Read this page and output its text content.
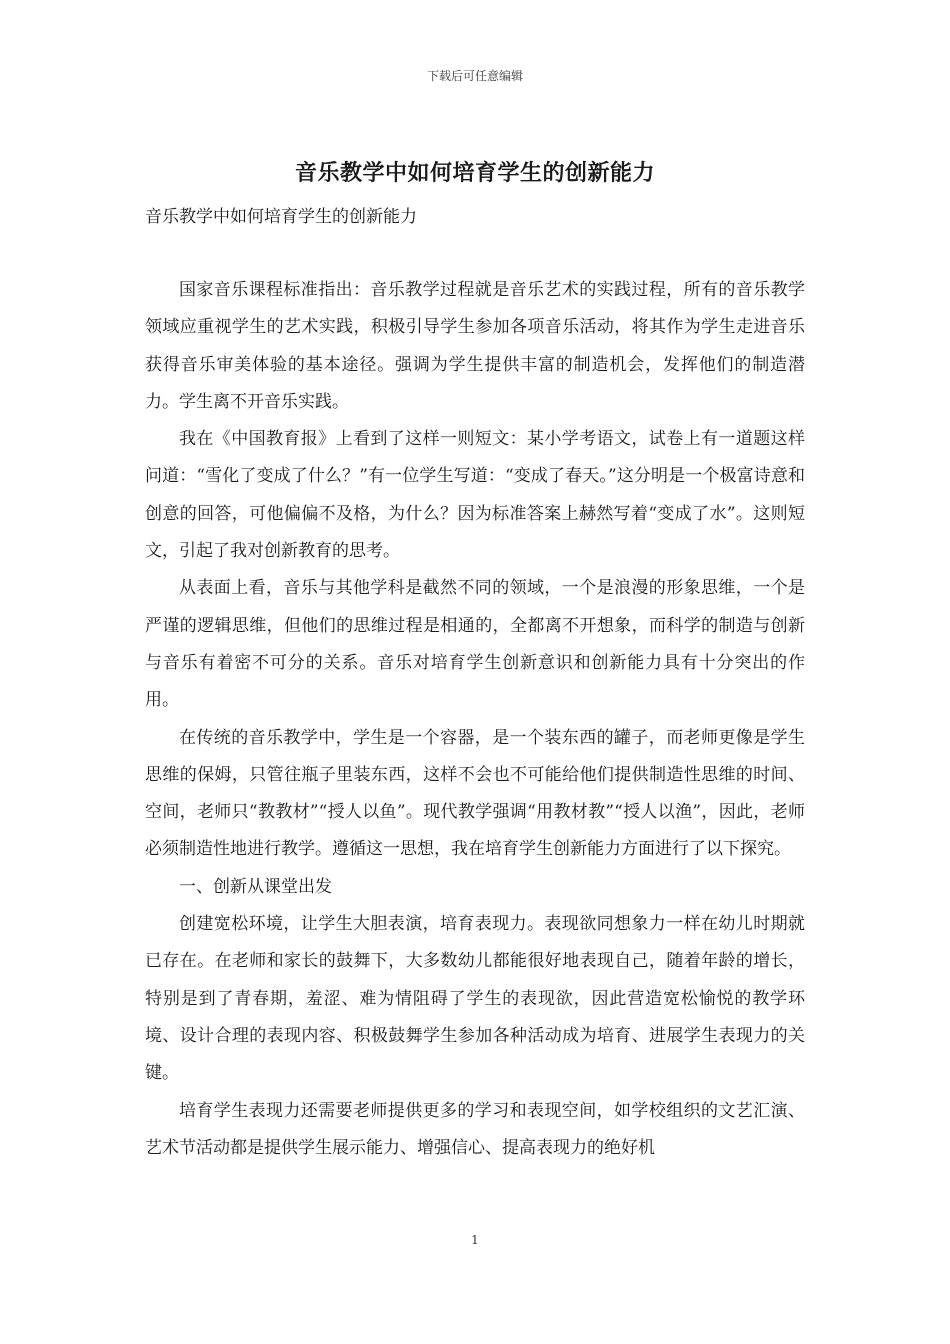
下载后可任意编辑
音乐教学中如何培育学生的创新能力
音乐教学中如何培育学生的创新能力

国家音乐课程标准指出：音乐教学过程就是音乐艺术的实践过程，所有的音乐教学领域应重视学生的艺术实践，积极引导学生参加各项音乐活动，将其作为学生走进音乐获得音乐审美体验的基本途径。强调为学生提供丰富的制造机会，发挥他们的制造潜力。学生离不开音乐实践。

我在《中国教育报》上看到了这样一则短文：某小学考语文，试卷上有一道题这样问道：“雪化了变成了什么？”有一位学生写道：“变成了春天。”这分明是一个极富诗意和创意的回答，可他偏偏不及格，为什么？因为标准答案上赫然写着“变成了水”。这则短文，引起了我对创新教育的思考。

从表面上看，音乐与其他学科是截然不同的领域，一个是浪漫的形象思维，一个是严谨的逻辑思维，但他们的思维过程是相通的，全都离不开想象，而科学的制造与创新与音乐有着密不可分的关系。音乐对培育学生创新意识和创新能力具有十分突出的作用。

在传统的音乐教学中，学生是一个容器，是一个装东西的罐子，而老师更像是学生思维的保姆，只管往瓶子里装东西，这样不会也不可能给他们提供制造性思维的时间、空间，老师只“教教材”“授人以鱼”。现代教学强调“用教材教”“授人以渔”，因此，老师必须制造性地进行教学。遵循这一思想，我在培育学生创新能力方面进行了以下探究。

一、创新从课堂出发

创建宽松环境，让学生大胆表演，培育表现力。表现欲同想象力一样在幼儿时期就已存在。在老师和家长的鼓舞下，大多数幼儿都能很好地表现自己，随着年龄的增长，特别是到了青春期，羞涩、难为情阻碍了学生的表现欲，因此营造宽松愉悦的教学环境、设计合理的表现内容、积极鼓舞学生参加各种活动成为培育、进展学生表现力的关键。

培育学生表现力还需要老师提供更多的学习和表现空间，如学校组织的文艺汇演、艺术节活动都是提供学生展示能力、增强信心、提高表现力的绝好机

1
